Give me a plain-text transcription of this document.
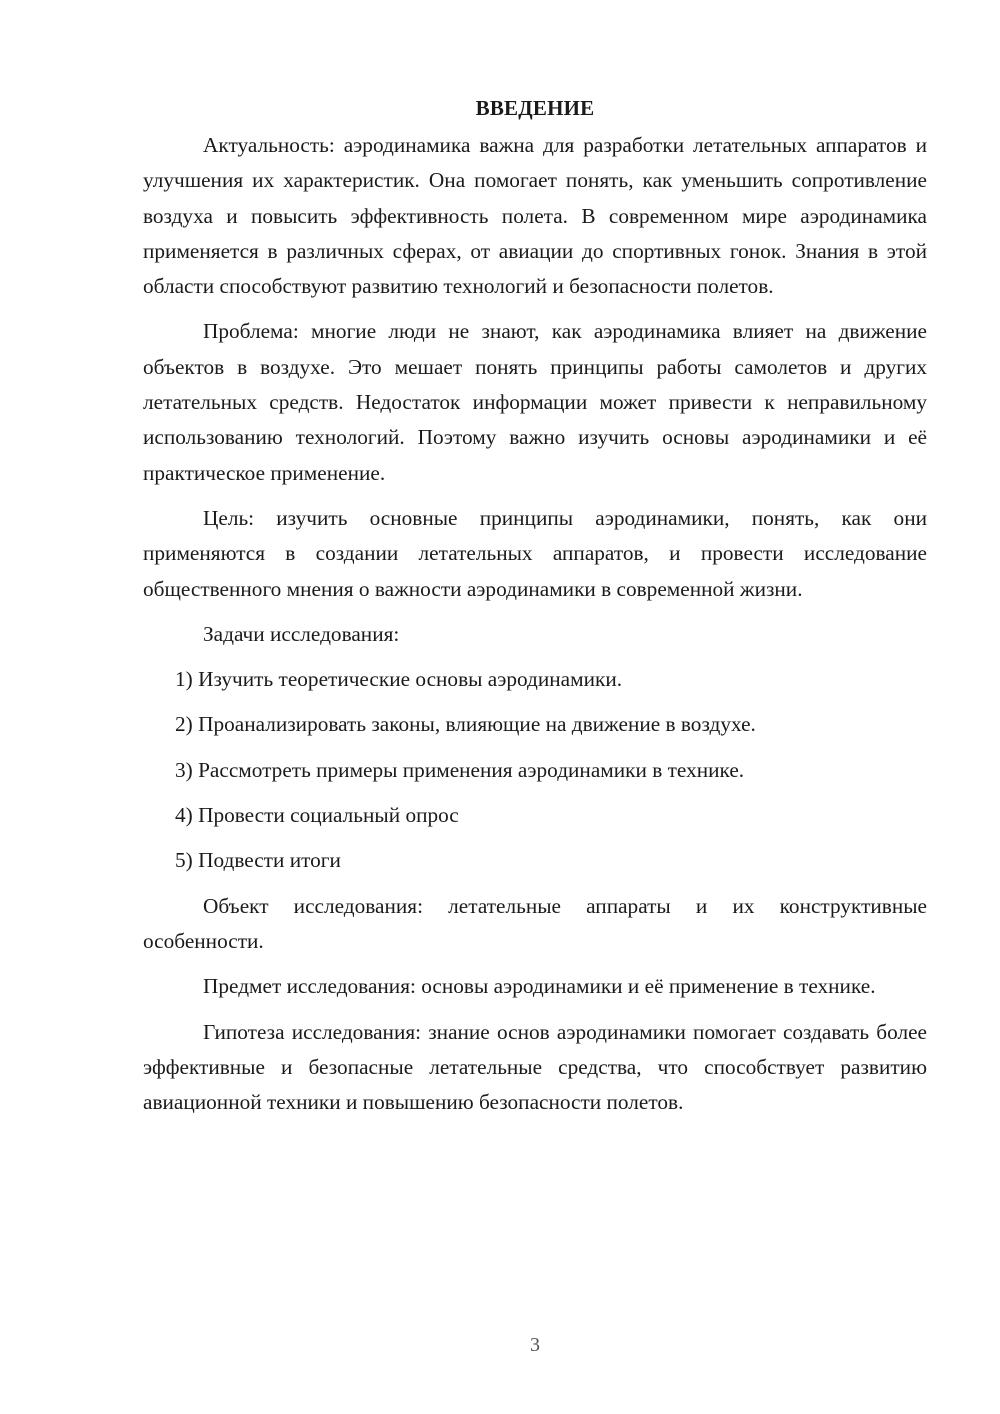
ВВЕДЕНИЕ

Актуальность: аэродинамика важна для разработки летательных аппаратов и улучшения их характеристик. Она помогает понять, как уменьшить сопротивление воздуха и повысить эффективность полета. В современном мире аэродинамика применяется в различных сферах, от авиации до спортивных гонок. Знания в этой области способствуют развитию технологий и безопасности полетов.

Проблема: многие люди не знают, как аэродинамика влияет на движение объектов в воздухе. Это мешает понять принципы работы самолетов и других летательных средств. Недостаток информации может привести к неправильному использованию технологий. Поэтому важно изучить основы аэродинамики и её практическое применение.

Цель: изучить основные принципы аэродинамики, понять, как они применяются в создании летательных аппаратов, и провести исследование общественного мнения о важности аэродинамики в современной жизни.

Задачи исследования:

1) Изучить теоретические основы аэродинамики.
2) Проанализировать законы, влияющие на движение в воздухе.
3) Рассмотреть примеры применения аэродинамики в технике.
4) Провести социальный опрос
5) Подвести итоги

Объект исследования: летательные аппараты и их конструктивные особенности.

Предмет исследования: основы аэродинамики и её применение в технике.

Гипотеза исследования: знание основ аэродинамики помогает создавать более эффективные и безопасные летательные средства, что способствует развитию авиационной техники и повышению безопасности полетов.

3
